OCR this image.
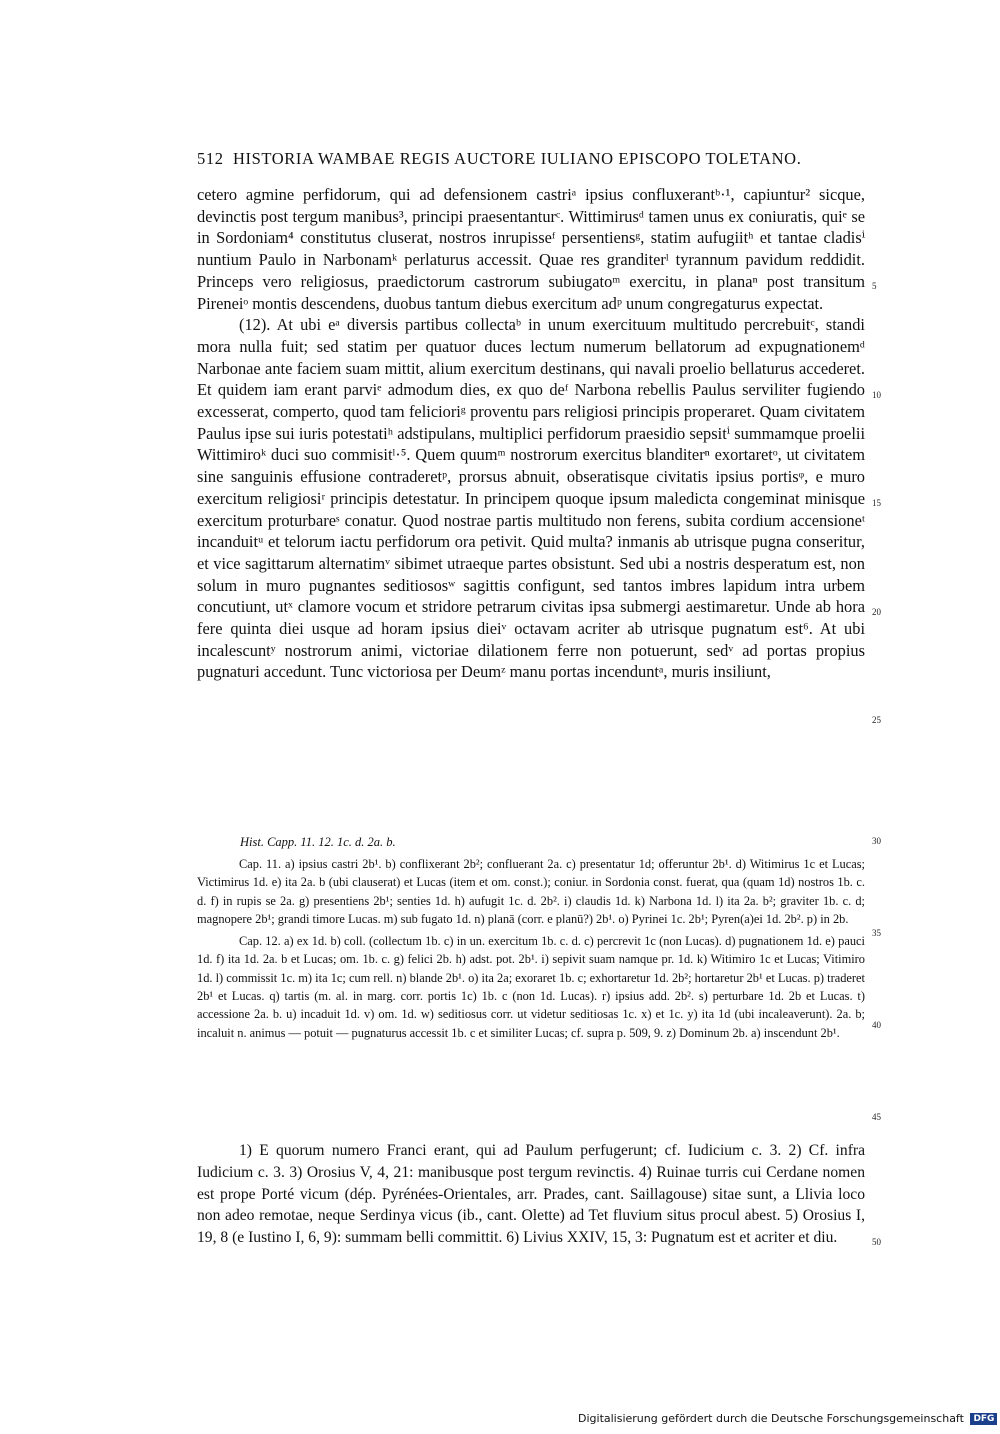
512 HISTORIA WAMBAE REGIS AUCTORE IULIANO EPISCOPO TOLETANO.

cetero agmine perfidorum, qui ad defensionem castriᵃ ipsius confluxerantᵇ·¹, capiuntur² sicque, devinctis post tergum manibus³, principi praesentanturᶜ. Wittimirusᵈ tamen unus ex coniuratis, quiᵉ se in Sordoniam⁴ constitutus cluserat, nostros inrupisseᶠ persentiensᵍ, statim aufugiitʰ et tantae cladisⁱ nuntium Paulo in Narbonamᵏ perlaturus accessit. Quae res granditerˡ tyrannum pavidum reddidit. Princeps vero religiosus, praedictorum castrorum subiugatoᵐ exercitu, in planaⁿ post transitum Pireneiᵒ montis descendens, duobus tantum diebus exercitum adᵖ unum congregaturus expectat.

(12). At ubi eᵃ diversis partibus collectaᵇ in unum exercituum multitudo percrebuitᶜ, standi mora nulla fuit; sed statim per quatuor duces lectum numerum bellatorum ad expugnationemᵈ Narbonae ante faciem suam mittit, alium exercitum destinans, qui navali proelio bellaturus accederet. Et quidem iam erant parviᵉ admodum dies, ex quo deᶠ Narbona rebellis Paulus serviliter fugiendo excesserat, comperto, quod tam felicioriᵍ proventu pars religiosi principis properaret. Quam civitatem Paulus ipse sui iuris potestatiʰ adstipulans, multiplici perfidorum praesidio sepsitⁱ summamque proelii Wittimiroᵏ duci suo commisitˡ·⁵. Quem quumᵐ nostrorum exercitus blanditerⁿ exortaretᵒ, ut civitatem sine sanguinis effusione contraderetᵖ, prorsus abnuit, obseratisque civitatis ipsius portisᵠ, e muro exercitum religiosiʳ principis detestatur. In principem quoque ipsum maledicta congeminat minisque exercitum proturbareˢ conatur. Quod nostrae partis multitudo non ferens, subita cordium accensioneᵗ incanduitᵘ et telorum iactu perfidorum ora petivit. Quid multa? inmanis ab utrisque pugna conseritur, et vice sagittarum alternatimᵛ sibimet utraeque partes obsistunt. Sed ubi a nostris desperatum est, non solum in muro pugnantes seditiososʷ sagittis configunt, sed tantos imbres lapidum intra urbem concutiunt, utˣ clamore vocum et stridore petrarum civitas ipsa submergi aestimaretur. Unde ab hora fere quinta diei usque ad horam ipsius dieiᵛ octavam acriter ab utrisque pugnatum est⁶. At ubi incalescuntʸ nostrorum animi, victoriae dilationem ferre non potuerunt, sedᵛ ad portas propius pugnaturi accedunt. Tunc victoriosa per Deumᶻ manu portas incenduntᵃ, muris insiliunt,

5
10
15
20
25
30
35
40
45
50
Hist. Capp. 11. 12. 1c. d. 2a. b.

Cap. 11. a) ipsius castri 2b¹. b) conflixerant 2b²; confluerant 2a. c) presentatur 1d; offeruntur 2b¹. d) Witimirus 1c et Lucas; Victimirus 1d. e) ita 2a. b (ubi clauserat) et Lucas (item et om. const.); coniur. in Sordonia const. fuerat, qua (quam 1d) nostros 1b. c. d. f) in rupis se 2a. g) presentiens 2b¹; senties 1d. h) aufugit 1c. d. 2b². i) claudis 1d. k) Narbona 1d. l) ita 2a. b²; graviter 1b. c. d; magnopere 2b¹; grandi timore Lucas. m) sub fugato 1d. n) planā (corr. e planū?) 2b¹. o) Pyrinei 1c. 2b¹; Pyren(a)ei 1d. 2b². p) in 2b.

Cap. 12. a) ex 1d. b) coll. (collectum 1b. c) in un. exercitum 1b. c. d. c) percrevit 1c (non Lucas). d) pugnationem 1d. e) pauci 1d. f) ita 1d. 2a. b et Lucas; om. 1b. c. g) felici 2b. h) adst. pot. 2b¹. i) sepivit suam namque pr. 1d. k) Witimiro 1c et Lucas; Vitimiro 1d. l) commissit 1c. m) ita 1c; cum rell. n) blande 2b¹. o) ita 2a; exoraret 1b. c; exhortaretur 1d. 2b²; hortaretur 2b¹ et Lucas. p) traderet 2b¹ et Lucas. q) tartis (m. al. in marg. corr. portis 1c) 1b. c (non 1d. Lucas). r) ipsius add. 2b². s) perturbare 1d. 2b et Lucas. t) accessione 2a. b. u) incaduit 1d. v) om. 1d. w) seditiosus corr. ut videtur seditiosas 1c. x) et 1c. y) ita 1d (ubi incaleaverunt). 2a. b; incaluit n. animus — potuit — pugnaturus accessit 1b. c et similiter Lucas; cf. supra p. 509, 9. z) Dominum 2b. a) inscendunt 2b¹.

1) E quorum numero Franci erant, qui ad Paulum perfugerunt; cf. Iudicium c. 3. 2) Cf. infra Iudicium c. 3. 3) Orosius V, 4, 21: manibusque post tergum revinctis. 4) Ruinae turris cui Cerdane nomen est prope Porté vicum (dép. Pyrénées-Orientales, arr. Prades, cant. Saillagouse) sitae sunt, a Llivia loco non adeo remotae, neque Serdinya vicus (ib., cant. Olette) ad Tet fluvium situs procul abest. 5) Orosius I, 19, 8 (e Iustino I, 6, 9): summam belli committit. 6) Livius XXIV, 15, 3: Pugnatum est et acriter et diu.

Digitalisierung gefördert durch die Deutsche Forschungsgemeinschaft DFG
